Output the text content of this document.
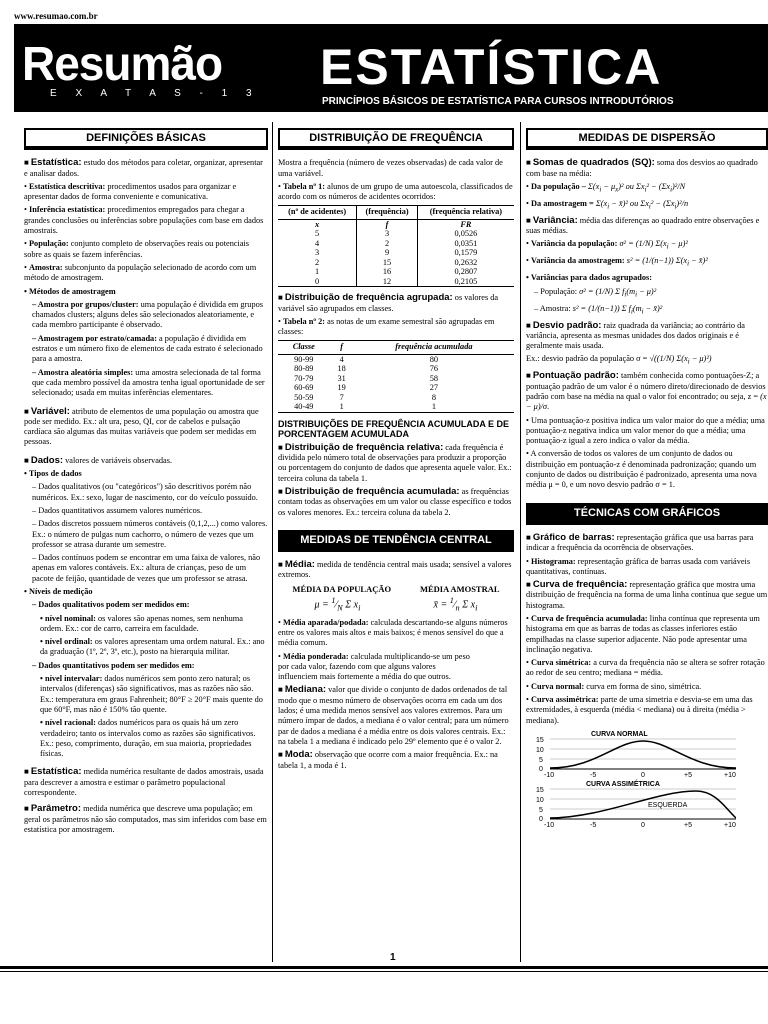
www.resumao.com.br
Resumão
E X A T A S - 1 3 ESTATÍSTICA
PRINCÍPIOS BÁSICOS DE ESTATÍSTICA PARA CURSOS INTRODUTÓRIOS
DEFINIÇÕES BÁSICAS

■ Estatística: estudo dos métodos para coletar, organizar, apresentar e analisar dados.

• Estatística descritiva: procedimentos usados para organizar e apresentar dados de forma conveniente e comunicativa.

• Inferência estatística: procedimentos empregados para chegar a grandes conclusões ou inferências sobre populações com base em dados amostrais.

• População: conjunto completo de observações reais ou potenciais sobre as quais se fazem inferências.

• Amostra: subconjunto da população selecionado de acordo com um método de amostragem.

• Métodos de amostragem

– Amostra por grupos/cluster: uma população é dividida em grupos chamados clusters; alguns deles são selecionados aleatoriamente, e cada membro participante é observado.

– Amostragem por estrato/camada: a população é dividida em estratos e um número fixo de elementos de cada estrato é selecionado para a amostra.

– Amostra aleatória simples: uma amostra selecionada de tal forma que cada membro possível da amostra tenha igual oportunidade de ser selecionado; usada em muitas inferências elementares.

■ Variável: atributo de elementos de uma população ou amostra que pode ser medido. Ex.: alt ura, peso, QI, cor de cabelos e pulsação cardíaca são algumas das muitas variáveis que podem ser medidas em pessoas.

■ Dados: valores de variáveis observadas.

• Tipos de dados

– Dados qualitativos (ou "categóricos") são descritivos porém não numéricos. Ex.: sexo, lugar de nascimento, cor do veículo possuído.

– Dados quantitativos assumem valores numéricos.

– Dados discretos possuem números contáveis (0,1,2,...) como valores. Ex.: o número de pulgas num cachorro, o número de vezes que um professor se atrasa durante um semestre.

– Dados contínuos podem se encontrar em uma faixa de valores, não apenas em valores contáveis. Ex.: altura de crianças, peso de um pacote de feijão, quantidade de vezes que um professor se atrasa.

• Níveis de medição

– Dados qualitativos podem ser medidos em:

• nível nominal: os valores são apenas nomes, sem nenhuma ordem. Ex.: cor de carro, carreira em faculdade.

• nível ordinal: os valores apresentam uma ordem natural. Ex.: ano da graduação (1º, 2º, 3º, etc.), posto na hierarquia militar.

– Dados quantitativos podem ser medidos em:

• nível intervalar: dados numéricos sem ponto zero natural; os intervalos (diferenças) são significativos, mas as razões não são. Ex.: temperatura em graus Fahrenheit; 80°F ≥ 20°F mais quente do que 60°F, mas não é 150% tão quente.

• nível racional: dados numéricos para os quais há um zero verdadeiro; tanto os intervalos como as razões são significativos. Ex.: peso, comprimento, duração, em sua maioria, propriedades físicas.

■ Estatística: medida numérica resultante de dados amostrais, usada para descrever a amostra e estimar o parâmetro populacional correspondente.

■ Parâmetro: medida numérica que descreve uma população; em geral os parâmetros não são computados, mas sim inferidos com base em estatística por amostragem.

DISTRIBUIÇÃO DE FREQUÊNCIA

Mostra a frequência (número de vezes observadas) de cada valor de uma variável.

• Tabela nº 1: alunos de um grupo de uma autoescola, classificados de acordo com os números de acidentes ocorridos:

(nº de acidentes)	(frequência)	(frequência relativa)
x	f	FR
5	3	0,0526
4	2	0,0351
3	9	0,1579
2	15	0,2632
1	16	0,2807
0	12	0,2105

■ Distribuição de frequência agrupada: os valores da variável são agrupados em classes.

• Tabela nº 2: as notas de um exame semestral são agrupadas em classes:

Classe	f	frequência acumulada
90-99	4	80
80-89	18	76
70-79	31	58
60-69	19	27
50-59	7	8
40-49	1	1
DISTRIBUIÇÕES DE FREQUÊNCIA ACUMULADA E DE PORCENTAGEM ACUMULADA

■ Distribuição de frequência relativa: cada frequência é dividida pelo número total de observações para produzir a proporção ou porcentagem do conjunto de dados que apresenta aquele valor. Ex.: terceira coluna da tabela 1.

■ Distribuição de frequência acumulada: as frequências contam todas as observações em um valor ou classe específico e todos os valores menores. Ex.: terceira coluna da tabela 2.

MEDIDAS DE TENDÊNCIA CENTRAL

■ Média: medida de tendência central mais usada; sensível a valores extremos.

MÉDIA DA POPULAÇÃO	MÉDIA AMOSTRAL
$\mu = ^1⁄_N$ Σ $x_i$	x̄ = $^1⁄_n$ Σ $x_i$

• Média aparada/podada: calculada descartando-se alguns números entre os valores mais altos e mais baixos; é menos sensível do que a média comum.

• Média ponderada: calculada multiplicando-se um peso por cada valor, fazendo com que alguns valores influenciem mais fortemente a média do que outros.

■ Mediana: valor que divide o conjunto de dados ordenados de tal modo que o mesmo número de observações ocorra em cada um dos lados; é uma medida menos sensível aos valores extremos. Para um número ímpar de dados, a mediana é o valor central; para um número par de dados a mediana é a média entre os dois valores centrais. Ex.: na tabela 1 a mediana é indicado pelo 29º elemento que é o valor 2.

■ Moda: observação que ocorre com a maior frequência. Ex.: na tabela 1, a moda é 1.

MEDIDAS DE DISPERSÃO

■ Somas de quadrados (SQ): soma dos desvios ao quadrado com base na média:

• Da população – $\Sigma(x_i - \mu_x)^2$ ou $\Sigma x_i^2 - (\Sigma x_i)^2/N$

• Da amostragem = $\Sigma(x_i$ − x̄)² ou $\Sigma x_i^2 - (\Sigma x_i)^2/n$

■ Variância: média das diferenças ao quadrado entre observações e suas médias.

• Variância da população: σ² = (1/N) $\Sigma(x_i - \mu)^2$

• Variância da amostragem: s² = (1/(n−1)) $\Sigma(x_i$ − x̄)²

• Variâncias para dados agrupados:

– População: σ² = (1/N) Σ $f_i(m_i - \mu)^2$

– Amostra: s² = (1/(n−1)) Σ $f_i(m_i$ − x̄)²

■ Desvio padrão: raiz quadrada da variância; ao contrário da variância, apresenta as mesmas unidades dos dados originais e é geralmente mais usada.

Ex.: desvio padrão da população σ = √((1/N) $\Sigma(x_i - \mu)^2$)

■ Pontuação padrão: também conhecida como pontuações-Z; a pontuação padrão de um valor é o número direto/direcionado de desvios padrão com base na média na qual o valor foi encontrado; ou seja, z = (x − μ)/σ.

• Uma pontuação-z positiva indica um valor maior do que a média; uma pontuação-z negativa indica um valor menor do que a média; uma pontuação-z igual a zero indica o valor da média.

• A conversão de todos os valores de um conjunto de dados ou distribuição em pontuação-z é denominada padronização; quando um conjunto de dados ou distribuição é padronizado, apresenta uma nova média μ = 0, e um novo desvio padrão σ = 1.

TÉCNICAS COM GRÁFICOS

■ Gráfico de barras: representação gráfica que usa barras para indicar a frequência da ocorrência de observações.

• Histograma: representação gráfica de barras usada com variáveis quantitativas, contínuas.

■ Curva de frequência: representação gráfica que mostra uma distribuição de frequência na forma de uma linha contínua que segue um histograma.

• Curva de frequência acumulada: linha contínua que representa um histograma em que as barras de todas as classes inferiores estão empilhadas na classe superior adjacente. Não pode apresentar uma inclinação negativa.

• Curva simétrica: a curva da frequência não se altera se sofrer rotação ao redor de seu centro; mediana = média.

• Curva normal: curva em forma de sino, simétrica.

• Curva assimétrica: parte de uma simetria e desvia-se em uma das extremidades, à esquerda (média < mediana) ou à direita (média > mediana).

CURVA NORMAL
15
10
5
0
-10	-5	0	+5	+10
CURVA ASSIMÉTRICA
15
10
5
0
ESQUERDA
-10	-5	0	+5	+10
1
